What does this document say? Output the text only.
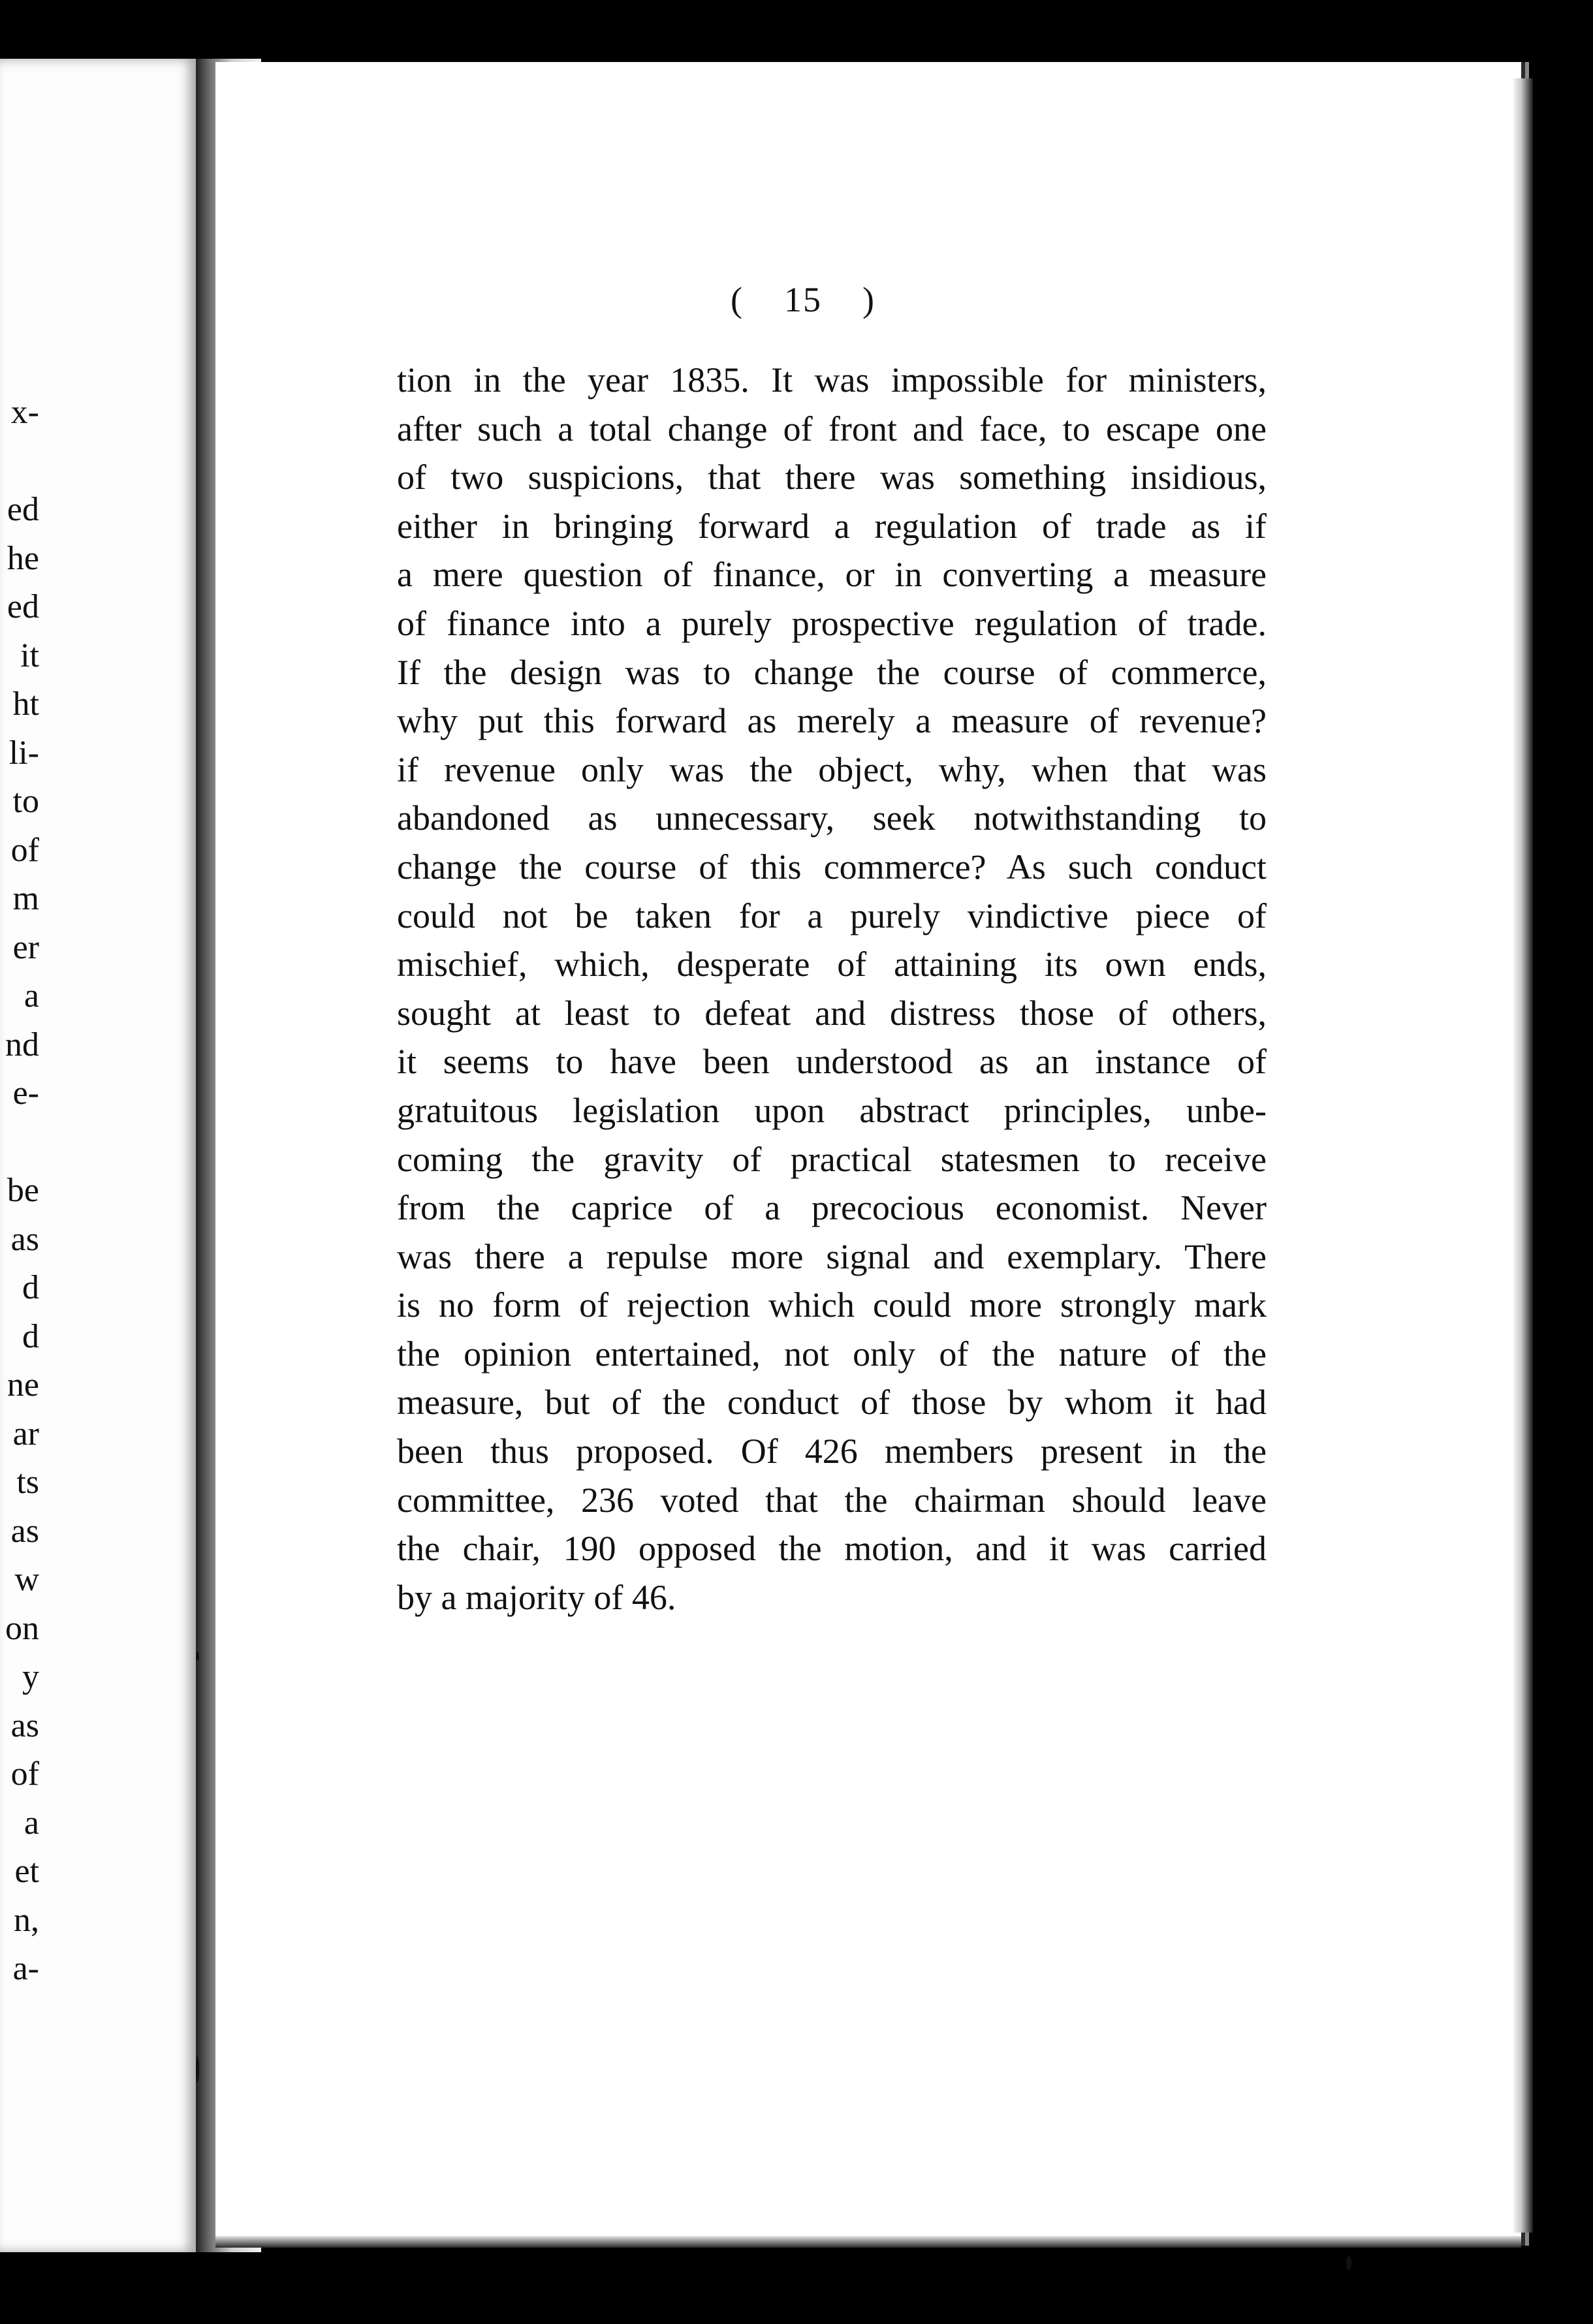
x-
ed
he
ed
it
ht
li-
to
of
m
er
a
nd
e-
be
as
d
d
ne
ar
ts
as
w
on
y
as
of
a
et
n,
a-
( 15 )
tion in the year 1835. It was impossible for ministers,
after such a total change of front and face, to escape one
of two suspicions, that there was something insidious,
either in bringing forward a regulation of trade as if
a mere question of finance, or in converting a measure
of finance into a purely prospective regulation of trade.
If the design was to change the course of commerce,
why put this forward as merely a measure of revenue?
if revenue only was the object, why, when that was
abandoned as unnecessary, seek notwithstanding to
change the course of this commerce? As such conduct
could not be taken for a purely vindictive piece of
mischief, which, desperate of attaining its own ends,
sought at least to defeat and distress those of others,
it seems to have been understood as an instance of
gratuitous legislation upon abstract principles, unbe-
coming the gravity of practical statesmen to receive
from the caprice of a precocious economist. Never
was there a repulse more signal and exemplary. There
is no form of rejection which could more strongly mark
the opinion entertained, not only of the nature of the
measure, but of the conduct of those by whom it had
been thus proposed. Of 426 members present in the
committee, 236 voted that the chairman should leave
the chair, 190 opposed the motion, and it was carried
by a majority of 46.
